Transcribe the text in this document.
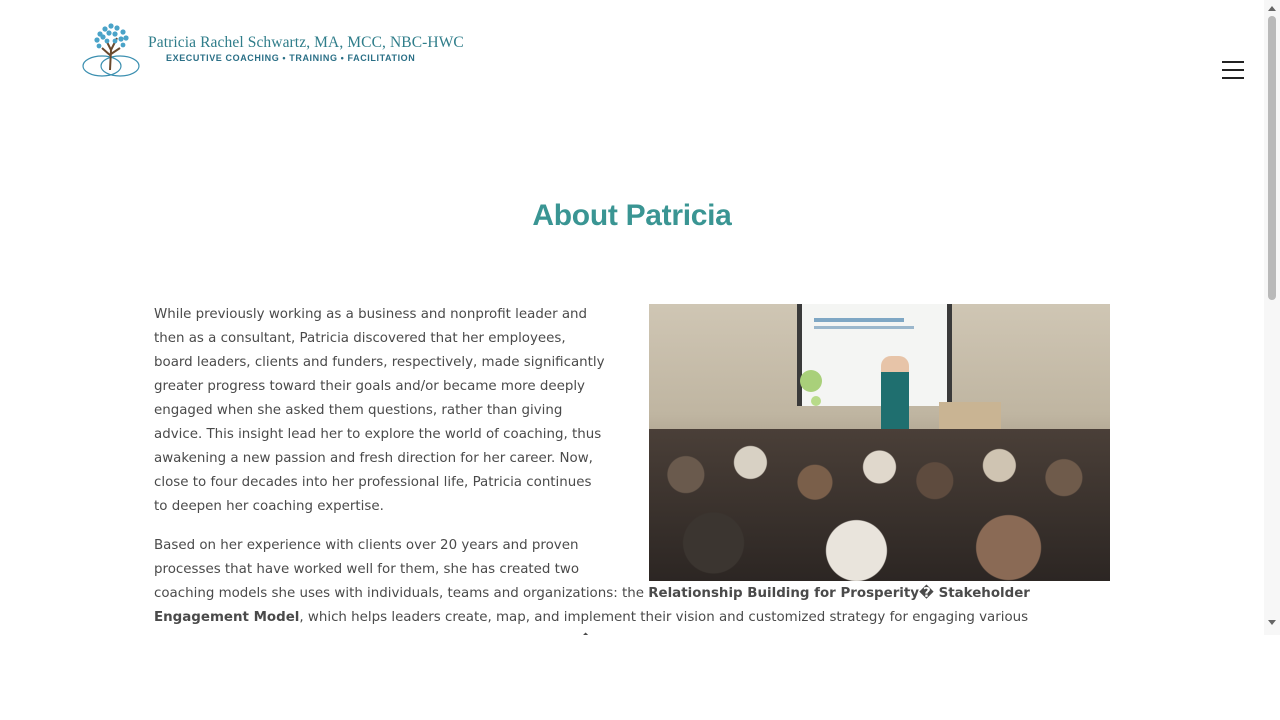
Patricia Rachel Schwartz, MA, MCC, NBC-HWC
EXECUTIVE COACHING • TRAINING • FACILITATION
About Patricia

While previously working as a business and nonprofit leader and then as a consultant, Patricia discovered that her employees, board leaders, clients and funders, respectively, made significantly greater progress toward their goals and/or became more deeply engaged when she asked them questions, rather than giving advice. This insight lead her to explore the world of coaching, thus awakening a new passion and fresh direction for her career. Now, close to four decades into her professional life, Patricia continues to deepen her coaching expertise.

Based on her experience with clients over 20 years and proven processes that have worked well for them, she has created two coaching models she uses with individuals, teams and organizations: the Relationship Building for Prosperity� Stakeholder Engagement Model, which helps leaders create, map, and implement their vision and customized strategy for engaging various
